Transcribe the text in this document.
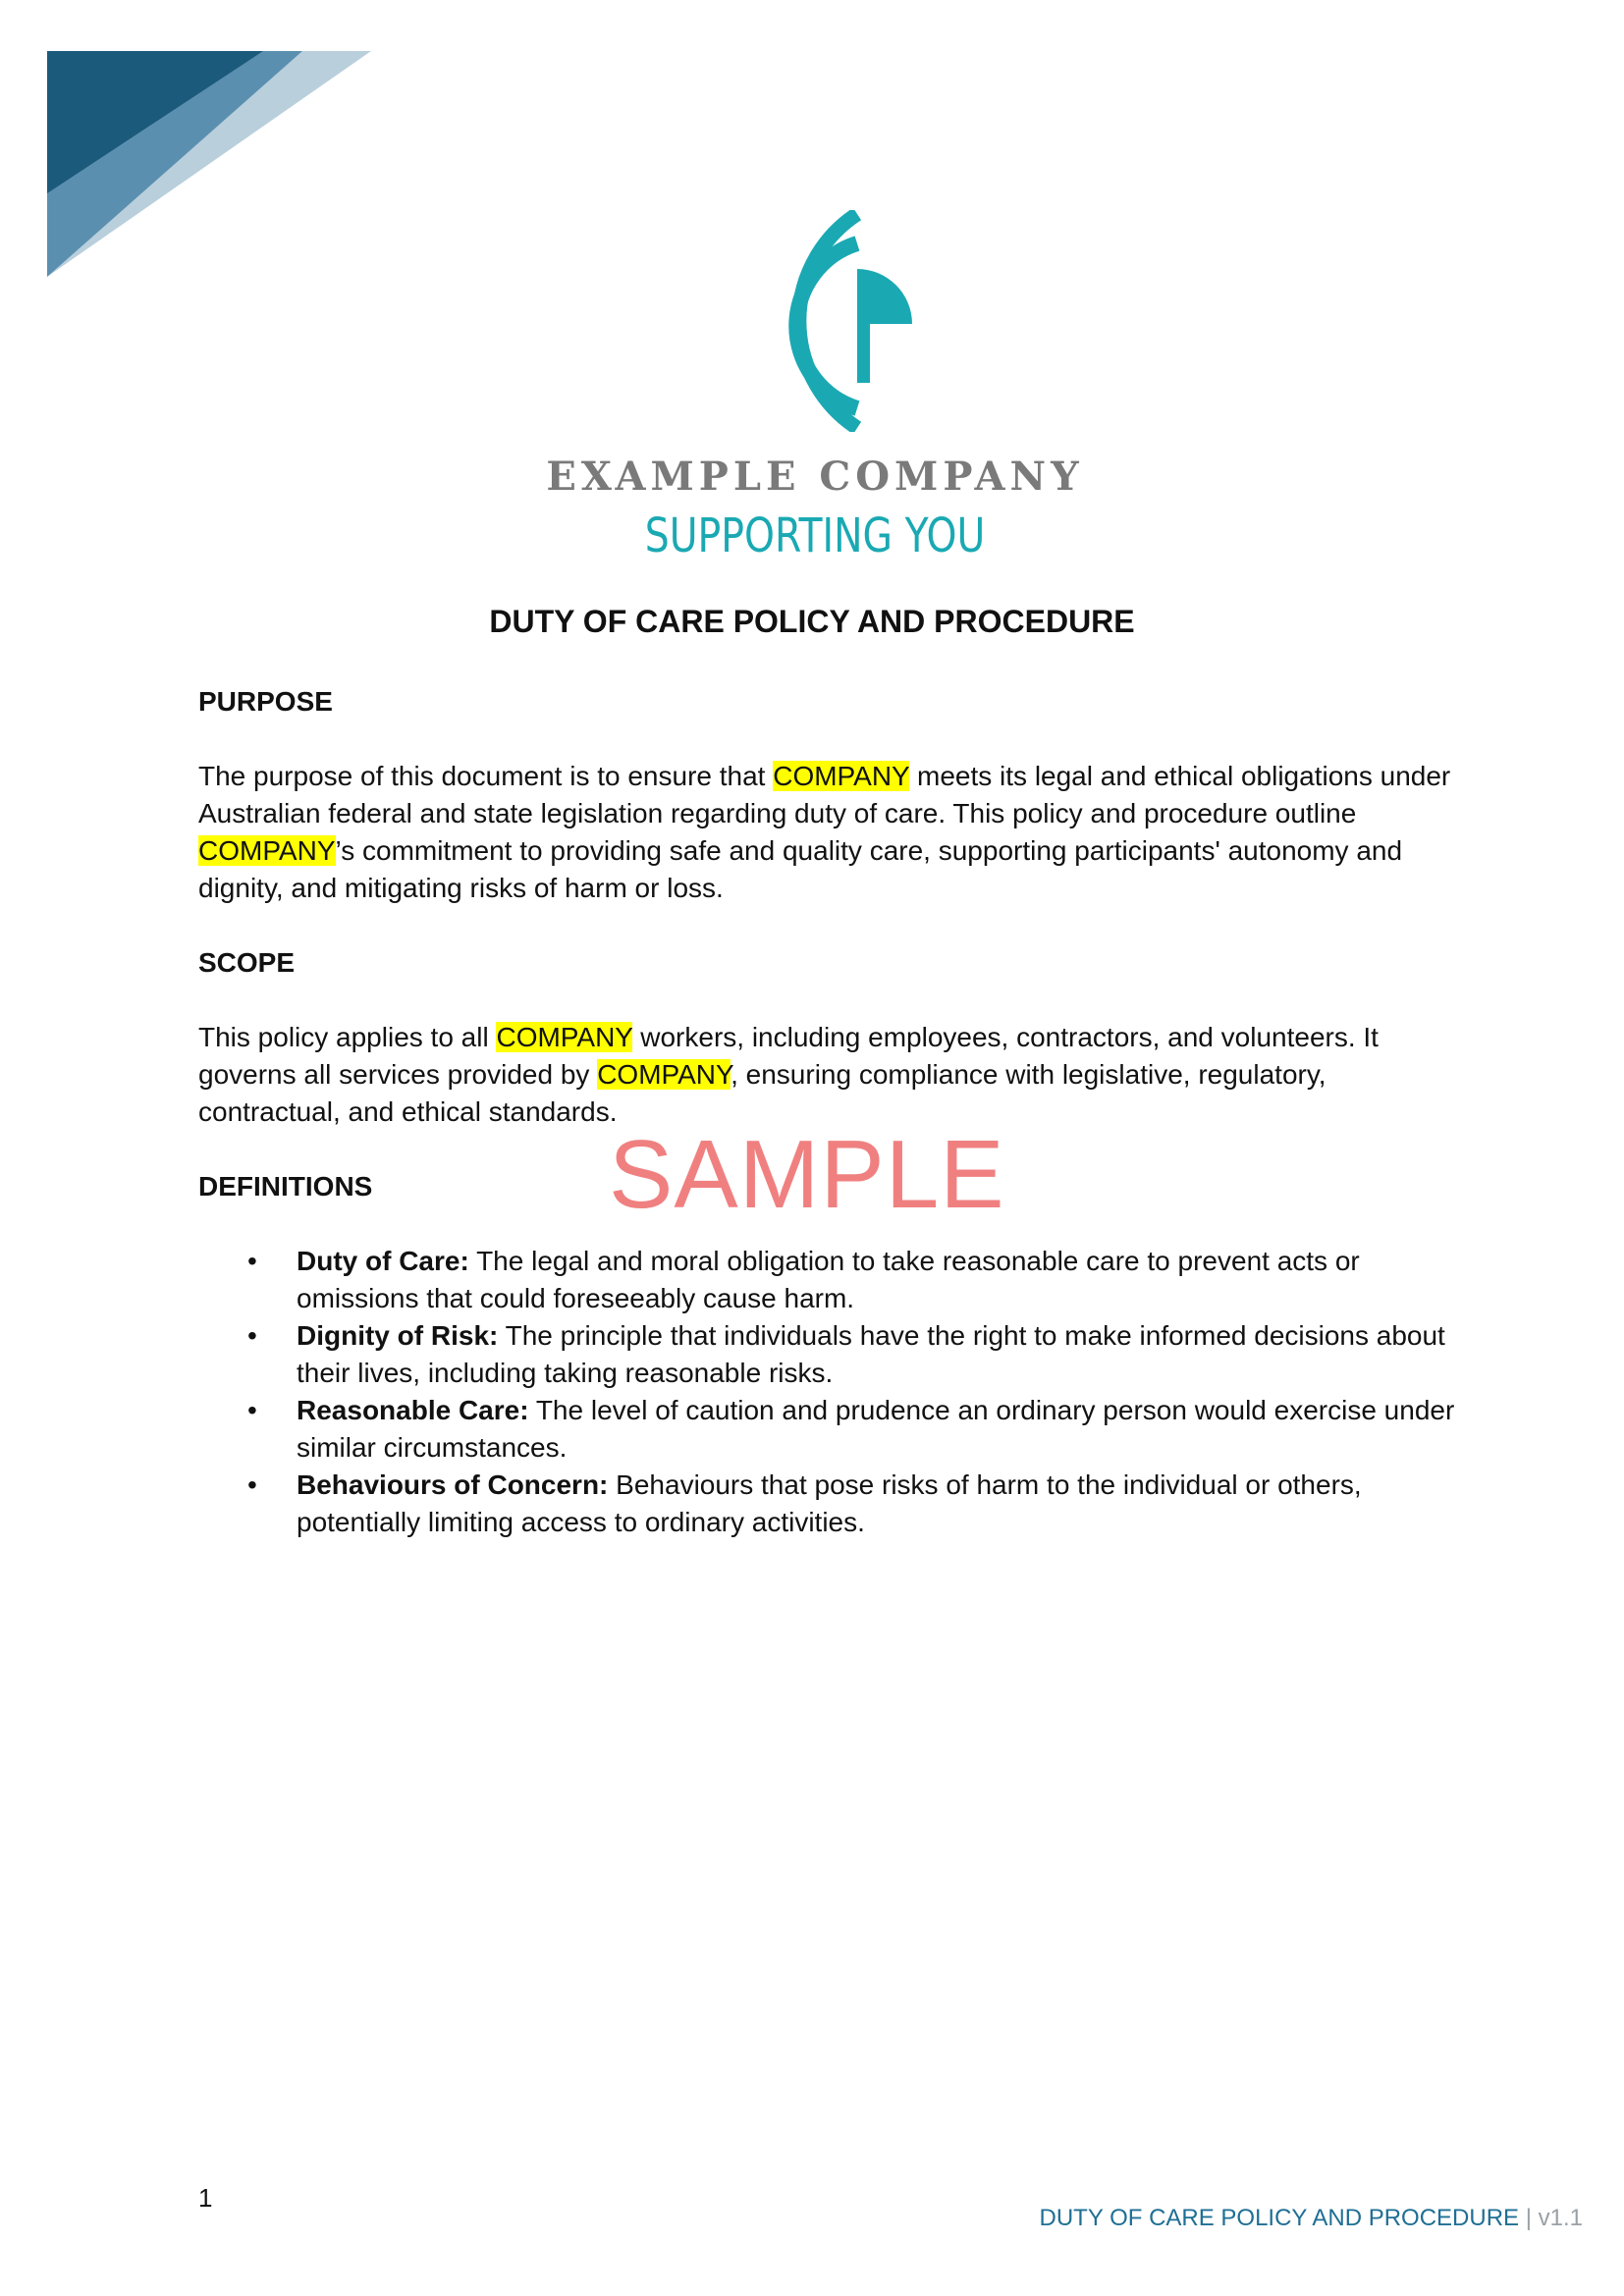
EXAMPLE COMPANY
SUPPORTING YOU
DUTY OF CARE POLICY AND PROCEDURE
PURPOSE
The purpose of this document is to ensure that COMPANY meets its legal and ethical obligations under Australian federal and state legislation regarding duty of care. This policy and procedure outline COMPANY’s commitment to providing safe and quality care, supporting participants' autonomy and dignity, and mitigating risks of harm or loss.
SCOPE
This policy applies to all COMPANY workers, including employees, contractors, and volunteers. It governs all services provided by COMPANY, ensuring compliance with legislative, regulatory, contractual, and ethical standards.
DEFINITIONS
• Duty of Care: The legal and moral obligation to take reasonable care to prevent acts or omissions that could foreseeably cause harm.
• Dignity of Risk: The principle that individuals have the right to make informed decisions about their lives, including taking reasonable risks.
• Reasonable Care: The level of caution and prudence an ordinary person would exercise under similar circumstances.
• Behaviours of Concern: Behaviours that pose risks of harm to the individual or others, potentially limiting access to ordinary activities.
SAMPLE
1
DUTY OF CARE POLICY AND PROCEDURE | v1.1
